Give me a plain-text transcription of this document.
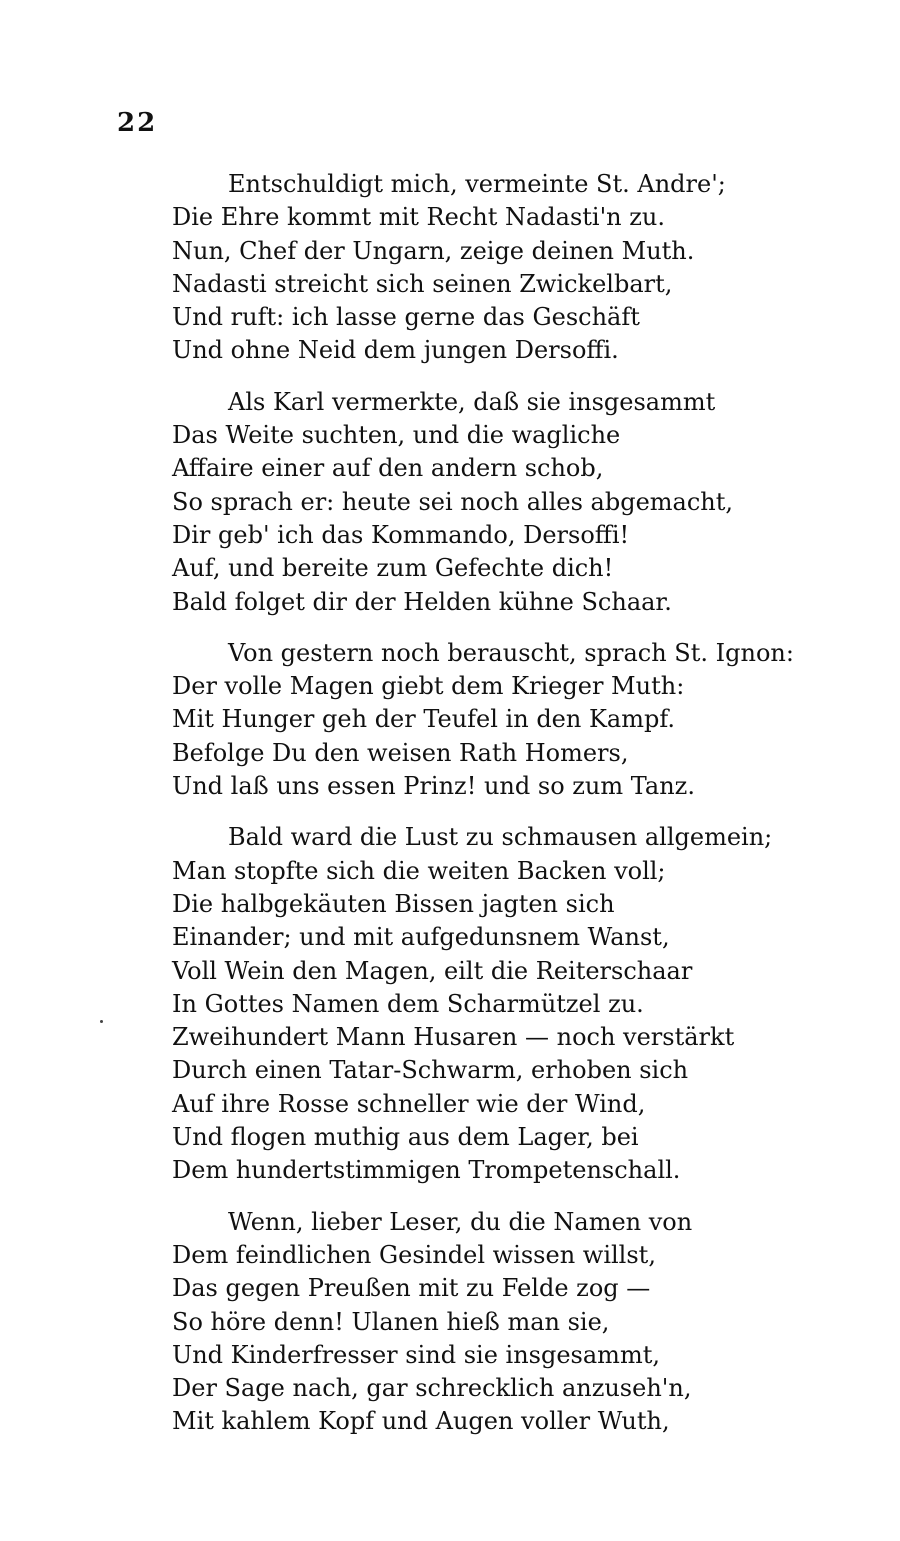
22
Entschuldigt mich, vermeinte St. Andre';
Die Ehre kommt mit Recht Nadasti'n zu.
Nun, Chef der Ungarn, zeige deinen Muth.
Nadasti streicht sich seinen Zwickelbart,
Und ruft: ich lasse gerne das Geschäft
Und ohne Neid dem jungen Dersoffi.
Als Karl vermerkte, daß sie insgesammt
Das Weite suchten, und die wagliche
Affaire einer auf den andern schob,
So sprach er: heute sei noch alles abgemacht,
Dir geb' ich das Kommando, Dersoffi!
Auf, und bereite zum Gefechte dich!
Bald folget dir der Helden kühne Schaar.
Von gestern noch berauscht, sprach St. Ignon:
Der volle Magen giebt dem Krieger Muth:
Mit Hunger geh der Teufel in den Kampf.
Befolge Du den weisen Rath Homers,
Und laß uns essen Prinz! und so zum Tanz.
Bald ward die Lust zu schmausen allgemein;
Man stopfte sich die weiten Backen voll;
Die halbgekäuten Bissen jagten sich
Einander; und mit aufgedunsnem Wanst,
Voll Wein den Magen, eilt die Reiterschaar
In Gottes Namen dem Scharmützel zu.
Zweihundert Mann Husaren — noch verstärkt
Durch einen Tatar-Schwarm, erhoben sich
Auf ihre Rosse schneller wie der Wind,
Und flogen muthig aus dem Lager, bei
Dem hundertstimmigen Trompetenschall.
Wenn, lieber Leser, du die Namen von
Dem feindlichen Gesindel wissen willst,
Das gegen Preußen mit zu Felde zog —
So höre denn! Ulanen hieß man sie,
Und Kinderfresser sind sie insgesammt,
Der Sage nach, gar schrecklich anzuseh'n,
Mit kahlem Kopf und Augen voller Wuth,
